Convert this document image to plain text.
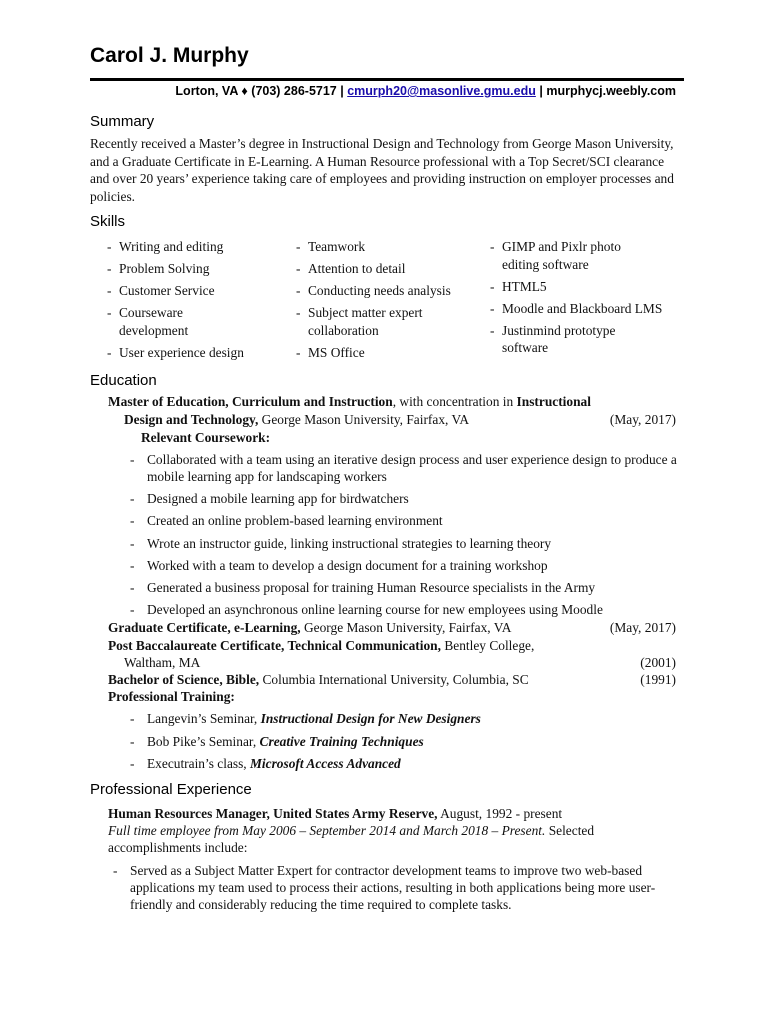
Carol J. Murphy
Lorton, VA ♦ (703) 286-5717 | cmurph20@masonlive.gmu.edu | murphycj.weebly.com
Summary

Recently received a Master’s degree in Instructional Design and Technology from George Mason University, and a Graduate Certificate in E-Learning. A Human Resource professional with a Top Secret/SCI clearance and over 20 years’ experience taking care of employees and providing instruction on employer processes and policies.

Skills
- Writing and editing
- Problem Solving
- Customer Service
- Courseware development
- User experience design
- Teamwork
- Attention to detail
- Conducting needs analysis
- Subject matter expert collaboration
- MS Office
- GIMP and Pixlr photo editing software
- HTML5
- Moodle and Blackboard LMS
- Justinmind prototype software
Education
Master of Education, Curriculum and Instruction, with concentration in Instructional
Design and Technology, George Mason University, Fairfax, VA	(May, 2017)
Relevant Coursework:
- Collaborated with a team using an iterative design process and user experience design to produce a mobile learning app for landscaping workers
- Designed a mobile learning app for birdwatchers
- Created an online problem-based learning environment
- Wrote an instructor guide, linking instructional strategies to learning theory
- Worked with a team to develop a design document for a training workshop
- Generated a business proposal for training Human Resource specialists in the Army
- Developed an asynchronous online learning course for new employees using Moodle
Graduate Certificate, e-Learning, George Mason University, Fairfax, VA	(May, 2017)
Post Baccalaureate Certificate, Technical Communication, Bentley College,
Waltham, MA	(2001)
Bachelor of Science, Bible, Columbia International University, Columbia, SC	(1991)
Professional Training:
- Langevin’s Seminar, Instructional Design for New Designers
- Bob Pike’s Seminar, Creative Training Techniques
- Executrain’s class, Microsoft Access Advanced
Professional Experience
Human Resources Manager, United States Army Reserve, August, 1992 - present
Full time employee from May 2006 – September 2014 and March 2018 – Present. Selected
accomplishments include:
- Served as a Subject Matter Expert for contractor development teams to improve two web-based applications my team used to process their actions, resulting in both applications being more user-friendly and considerably reducing the time required to complete tasks.
